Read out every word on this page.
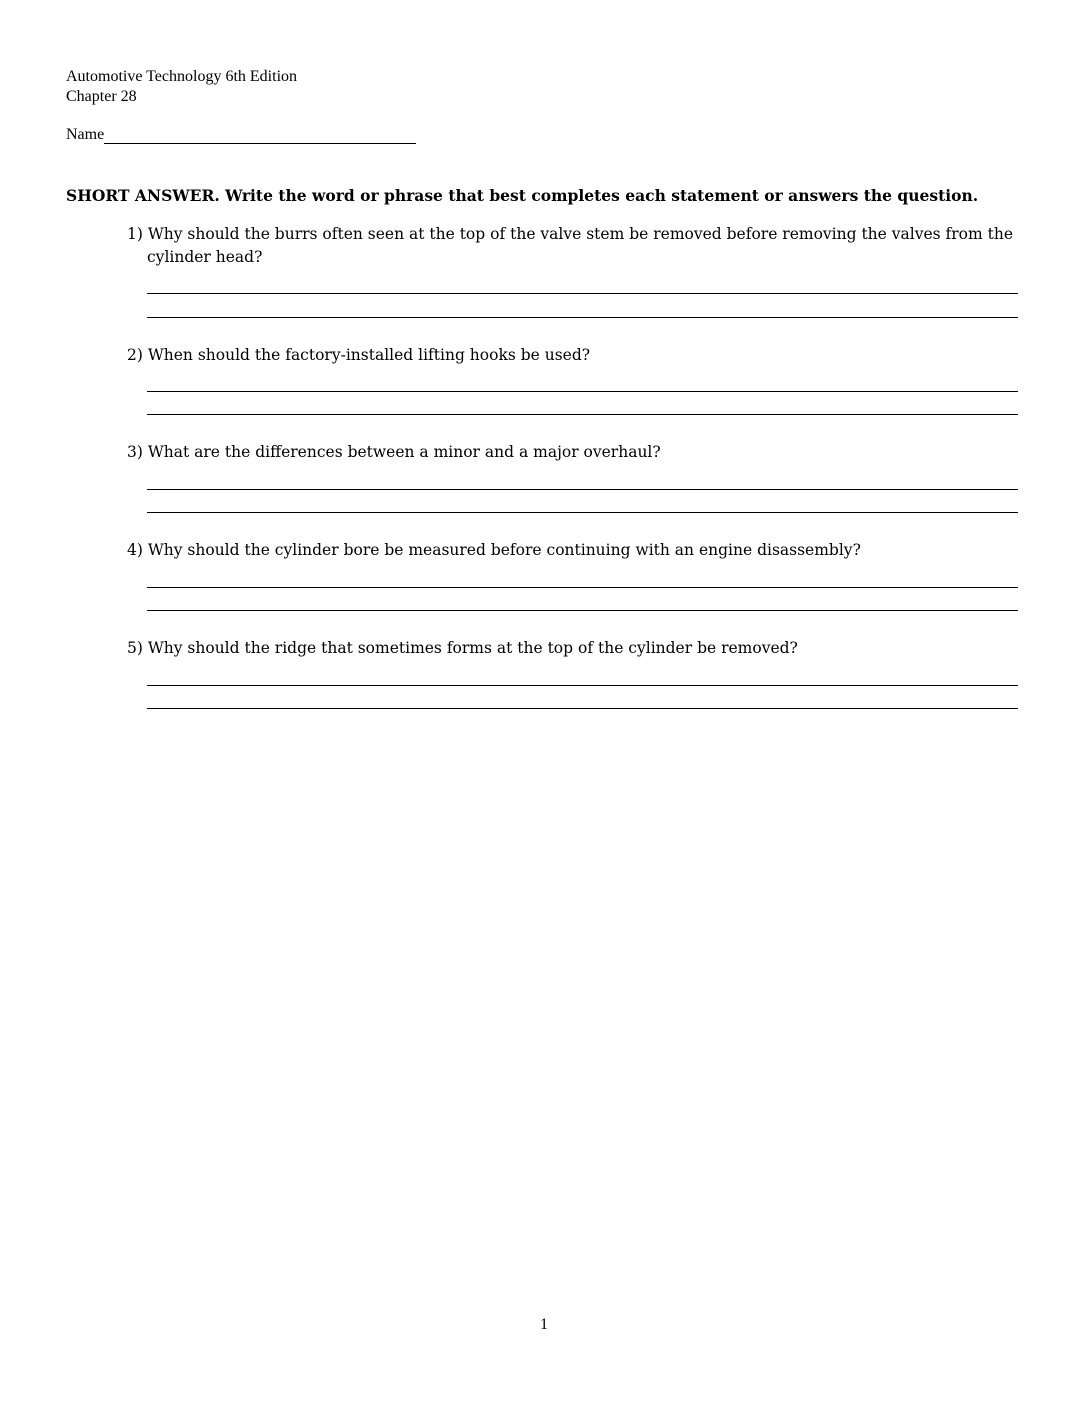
Automotive Technology 6th Edition
Chapter 28
Name
SHORT ANSWER. Write the word or phrase that best completes each statement or answers the question.
1) Why should the burrs often seen at the top of the valve stem be removed before removing the valves from the cylinder head?
2) When should the factory-installed lifting hooks be used?
3) What are the differences between a minor and a major overhaul?
4) Why should the cylinder bore be measured before continuing with an engine disassembly?
5) Why should the ridge that sometimes forms at the top of the cylinder be removed?
1
